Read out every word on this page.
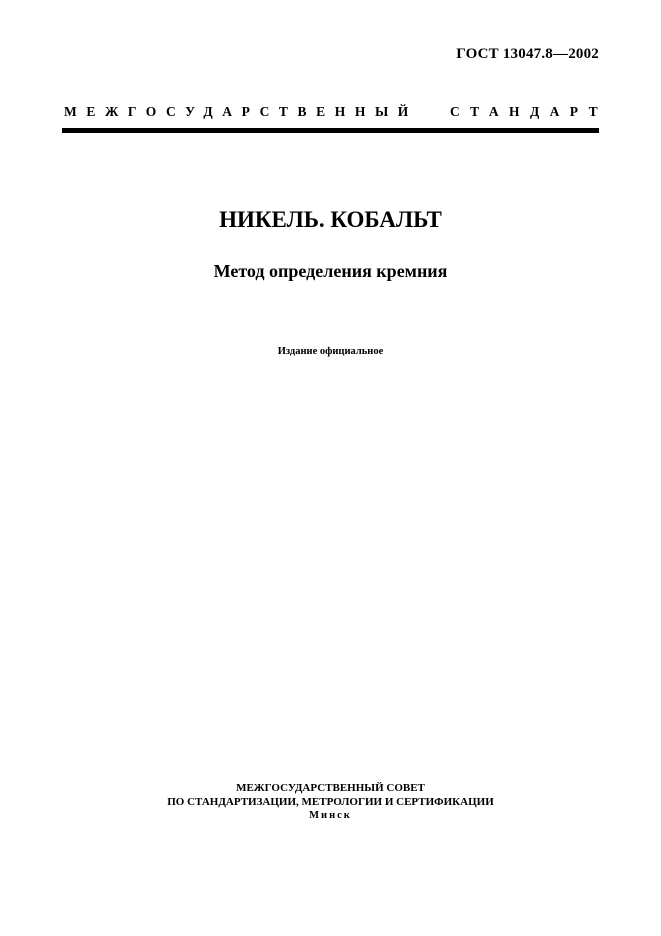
ГОСТ 13047.8—2002
МЕЖГОСУДАРСТВЕННЫЙ СТАНДАРТ
НИКЕЛЬ. КОБАЛЬТ
Метод определения кремния
Издание официальное
МЕЖГОСУДАРСТВЕННЫЙ СОВЕТ
ПО СТАНДАРТИЗАЦИИ, МЕТРОЛОГИИ И СЕРТИФИКАЦИИ
Минск
